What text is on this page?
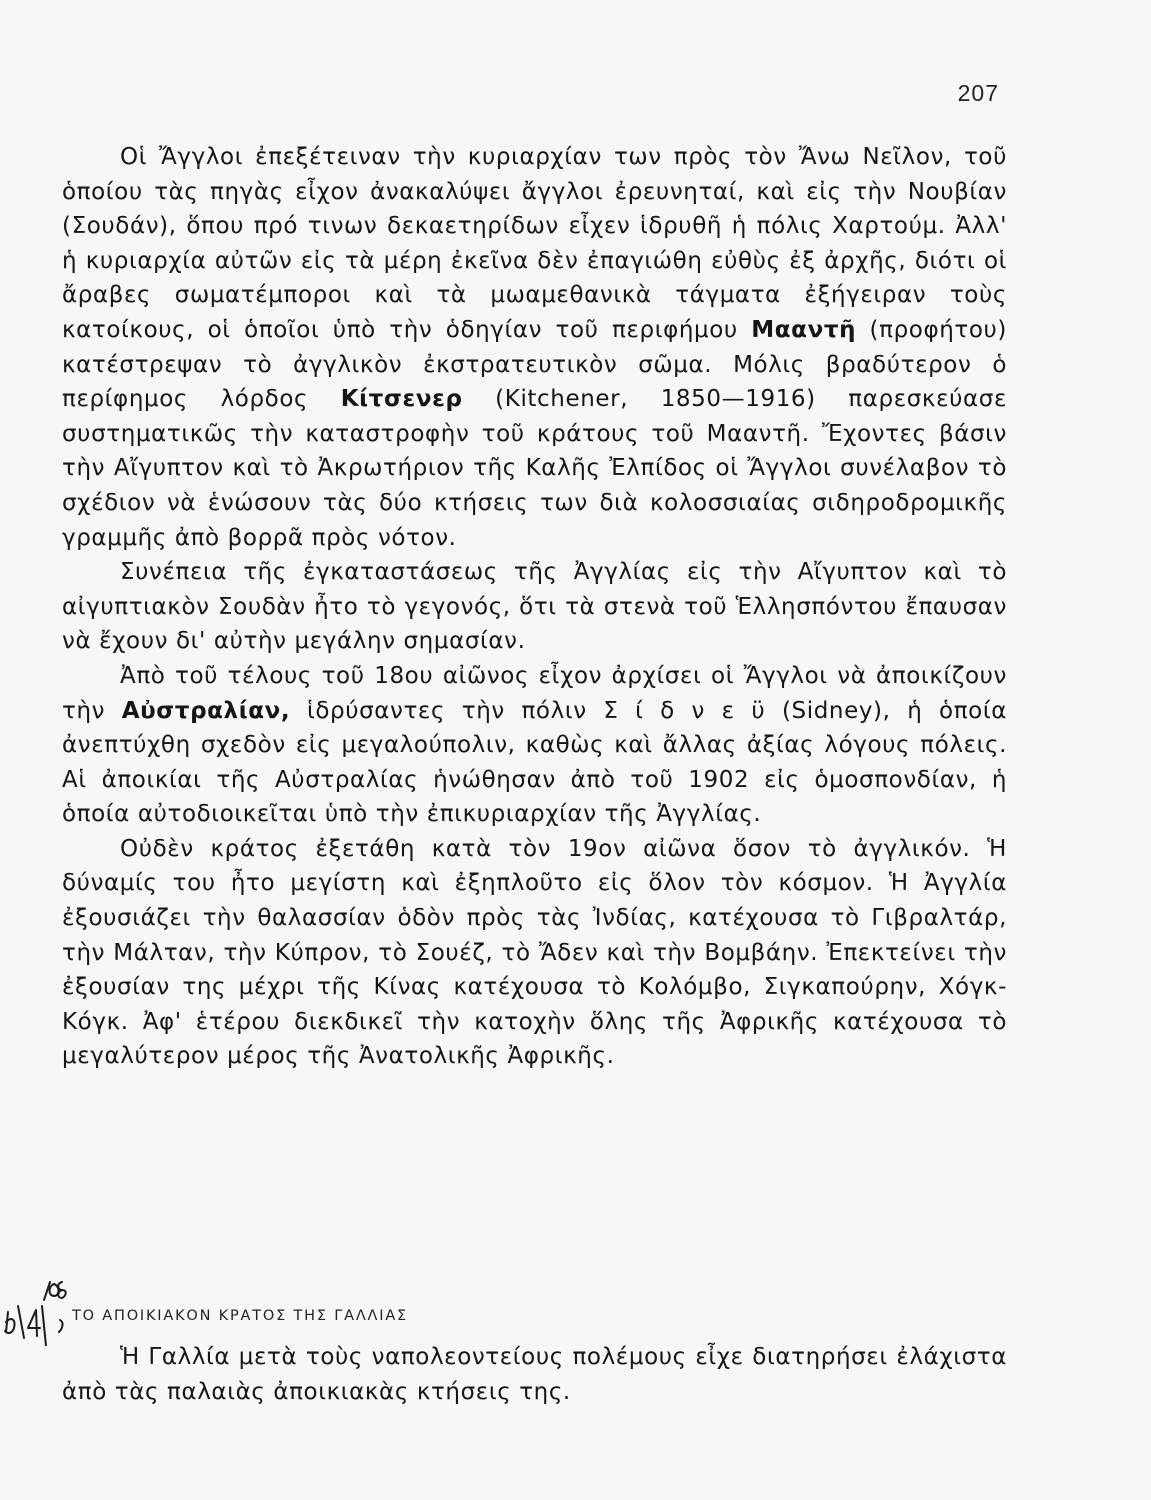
207

Οἱ Ἄγγλοι ἐπεξέτειναν τὴν κυριαρχίαν των πρὸς τὸν Ἄνω Νεῖλον, τοῦ ὁποίου τὰς πηγὰς εἶχον ἀνακαλύψει ἄγγλοι ἐρευνηταί, καὶ εἰς τὴν Νουβίαν (Σουδάν), ὅπου πρό τινων δεκαετηρίδων εἶχεν ἱδρυθῆ ἡ πόλις Χαρτούμ. Ἀλλ' ἡ κυριαρχία αὐτῶν εἰς τὰ μέρη ἐκεῖνα δὲν ἐπαγιώθη εὐθὺς ἐξ ἀρχῆς, διότι οἱ ἄραβες σωματέμποροι καὶ τὰ μωαμεθανικὰ τάγματα ἐξήγειραν τοὺς κατοίκους, οἱ ὁποῖοι ὑπὸ τὴν ὁδηγίαν τοῦ περιφήμου Μααντῆ (προφήτου) κατέστρεψαν τὸ ἀγγλικὸν ἐκστρατευτικὸν σῶμα. Μόλις βραδύτερον ὁ περίφημος λόρδος Κίτσενερ (Kitchener, 1850—1916) παρεσκεύασε συστηματικῶς τὴν καταστροφὴν τοῦ κράτους τοῦ Μααντῆ. Ἔχοντες βάσιν τὴν Αἴγυπτον καὶ τὸ Ἀκρωτήριον τῆς Καλῆς Ἐλπίδος οἱ Ἄγγλοι συνέλαβον τὸ σχέδιον νὰ ἑνώσουν τὰς δύο κτήσεις των διὰ κολοσσιαίας σιδηροδρομικῆς γραμμῆς ἀπὸ βορρᾶ πρὸς νότον.

Συνέπεια τῆς ἐγκαταστάσεως τῆς Ἀγγλίας εἰς τὴν Αἴγυπτον καὶ τὸ αἰγυπτιακὸν Σουδὰν ἦτο τὸ γεγονός, ὅτι τὰ στενὰ τοῦ Ἑλλησπόντου ἔπαυσαν νὰ ἔχουν δι' αὐτὴν μεγάλην σημασίαν.

Ἀπὸ τοῦ τέλους τοῦ 18ου αἰῶνος εἶχον ἀρχίσει οἱ Ἄγγλοι νὰ ἀποικίζουν τὴν Αὐστραλίαν, ἱδρύσαντες τὴν πόλιν Σ ί δ ν ε ϋ (Sidney), ἡ ὁποία ἀνεπτύχθη σχεδὸν εἰς μεγαλούπολιν, καθὼς καὶ ἄλλας ἀξίας λόγους πόλεις. Αἱ ἀποικίαι τῆς Αὐστραλίας ἡνώθησαν ἀπὸ τοῦ 1902 εἰς ὁμοσπονδίαν, ἡ ὁποία αὐτοδιοικεῖται ὑπὸ τὴν ἐπικυριαρχίαν τῆς Ἀγγλίας.

Οὐδὲν κράτος ἐξετάθη κατὰ τὸν 19ον αἰῶνα ὅσον τὸ ἀγγλικόν. Ἡ δύναμίς του ἦτο μεγίστη καὶ ἐξηπλοῦτο εἰς ὅλον τὸν κόσμον. Ἡ Ἀγγλία ἐξουσιάζει τὴν θαλασσίαν ὁδὸν πρὸς τὰς Ἰνδίας, κατέχουσα τὸ Γιβραλτάρ, τὴν Μάλταν, τὴν Κύπρον, τὸ Σουέζ, τὸ Ἄδεν καὶ τὴν Βομβάην. Ἐπεκτείνει τὴν ἐξουσίαν της μέχρι τῆς Κίνας κατέχουσα τὸ Κολόμβο, Σιγκαπούρην, Χόγκ-Κόγκ. Ἀφ' ἑτέρου διεκδικεῖ τὴν κατοχὴν ὅλης τῆς Ἀφρικῆς κατέχουσα τὸ μεγαλύτερον μέρος τῆς Ἀνατολικῆς Ἀφρικῆς.

ΤΟ ΑΠΟΙΚΙΑΚΟΝ ΚΡΑΤΟΣ ΤΗΣ ΓΑΛΛΙΑΣ

Ἡ Γαλλία μετὰ τοὺς ναπολεοντείους πολέμους εἶχε διατηρήσει ἐλάχιστα ἀπὸ τὰς παλαιὰς ἀποικιακὰς κτήσεις της.
